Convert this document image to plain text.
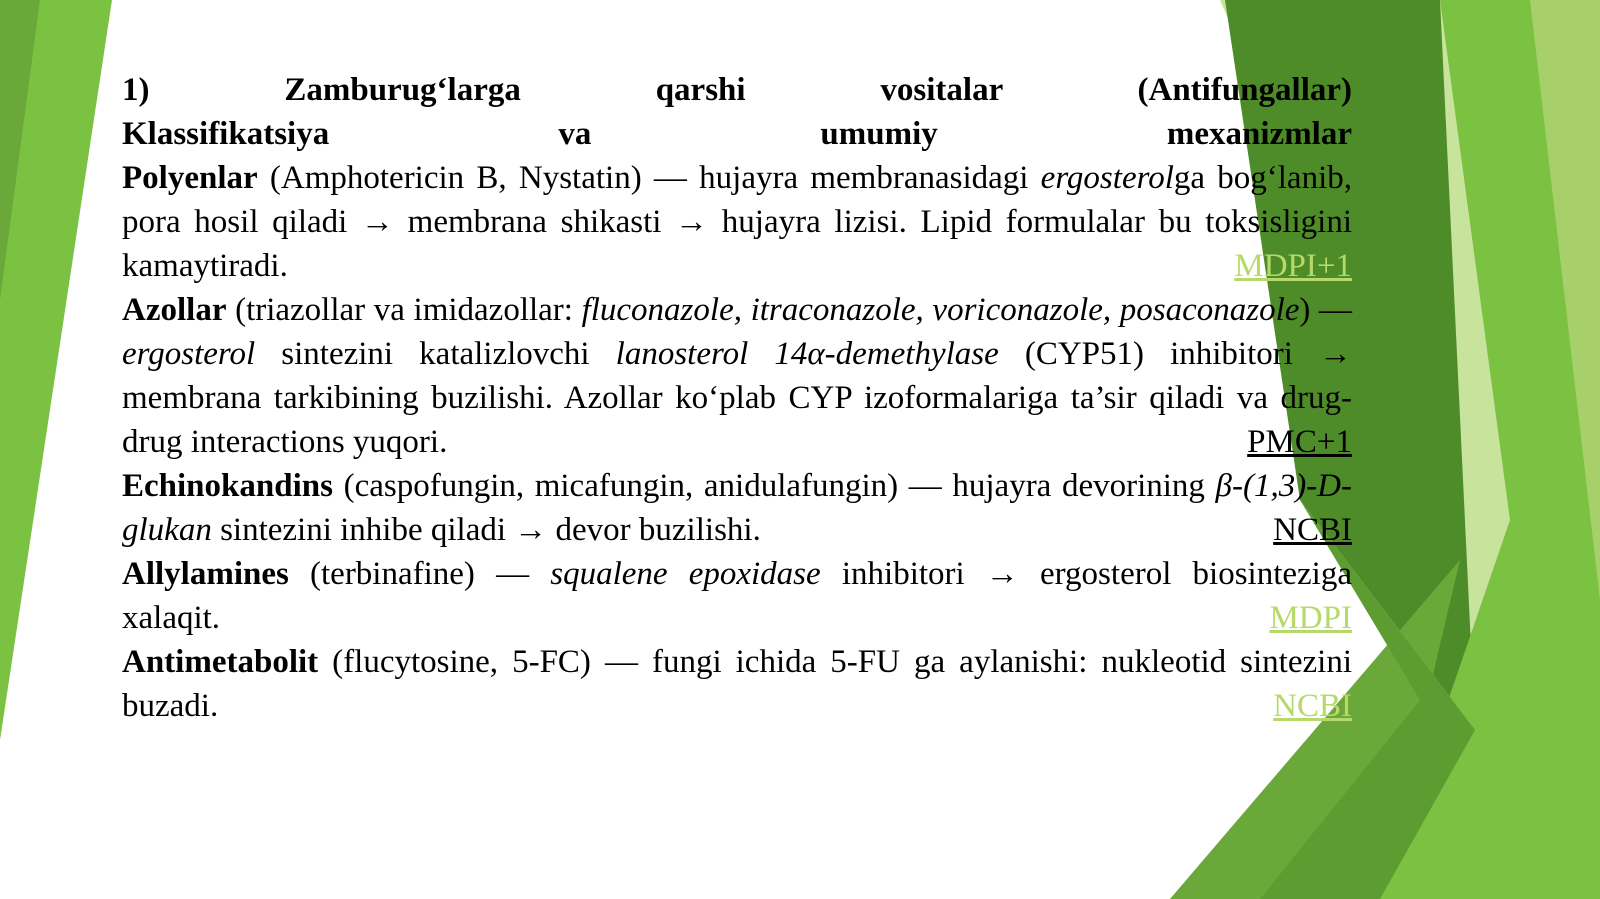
1)	Zamburug‘larga	qarshi	vositalar	(Antifungallar)
Klassifikatsiya	va	umumiy	mexanizmlar
Polyenlar (Amphotericin B, Nystatin) — hujayra membranasidagi ergosterolga bog‘lanib, pora hosil qiladi → membrana shikasti → hujayra lizisi. Lipid formulalar bu toksisligini kamaytiradi.	MDPI+1
Azollar (triazollar va imidazollar: fluconazole, itraconazole, voriconazole, posaconazole) — ergosterol sintezini katalizlovchi lanosterol 14α-demethylase (CYP51) inhibitori → membrana tarkibining buzilishi. Azollar ko‘plab CYP izoformalariga ta’sir qiladi va drug-drug interactions yuqori.	PMC+1
Echinokandins (caspofungin, micafungin, anidulafungin) — hujayra devorining β-(1,3)-D-glukan sintezini inhibe qiladi → devor buzilishi.	NCBI
Allylamines (terbinafine) — squalene epoxidase inhibitori → ergosterol biosinteziga xalaqit.	MDPI
Antimetabolit (flucytosine, 5-FC) — fungi ichida 5-FU ga aylanishi: nukleotid sintezini buzadi.	NCBI
